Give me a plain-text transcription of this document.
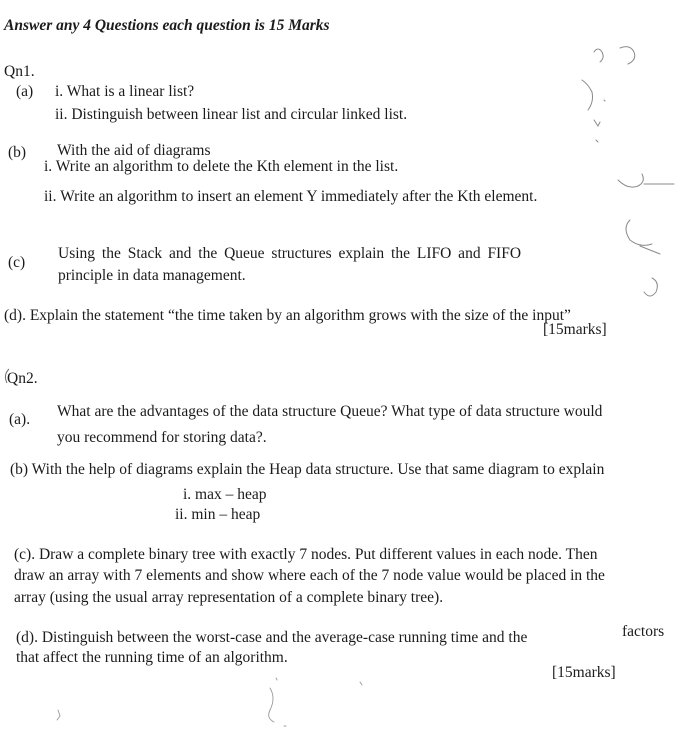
Answer any 4 Questions each question is 15 Marks
Qn1.
(a) i. What is a linear list?
ii. Distinguish between linear list and circular linked list.
(b) With the aid of diagrams
i. Write an algorithm to delete the Kth element in the list.
ii. Write an algorithm to insert an element Y immediately after the Kth element.
(c)
Using the Stack and the Queue structures explain the LIFO and FIFO
principle in data management.
(d). Explain the statement “the time taken by an algorithm grows with the size of the input”
[15marks]
Qn2.
(a). What are the advantages of the data structure Queue? What type of data structure would
you recommend for storing data?.
(b) With the help of diagrams explain the Heap data structure. Use that same diagram to explain
i. max – heap
ii. min – heap
(c). Draw a complete binary tree with exactly 7 nodes. Put different values in each node. Then
draw an array with 7 elements and show where each of the 7 node value would be placed in the
array (using the usual array representation of a complete binary tree).
(d). Distinguish between the worst-case and the average-case running time and the	factors
that affect the running time of an algorithm.
[15marks]
